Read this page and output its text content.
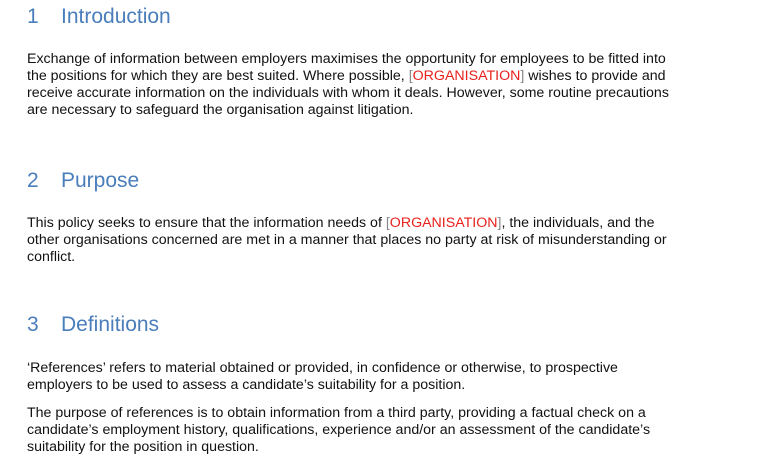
1 Introduction

Exchange of information between employers maximises the opportunity for employees to be fitted into
the positions for which they are best suited. Where possible, [ORGANISATION] wishes to provide and
receive accurate information on the individuals with whom it deals. However, some routine precautions
are necessary to safeguard the organisation against litigation.

2 Purpose

This policy seeks to ensure that the information needs of [ORGANISATION], the individuals, and the
other organisations concerned are met in a manner that places no party at risk of misunderstanding or
conflict.

3 Definitions

‘References’ refers to material obtained or provided, in confidence or otherwise, to prospective
employers to be used to assess a candidate’s suitability for a position.

The purpose of references is to obtain information from a third party, providing a factual check on a
candidate’s employment history, qualifications, experience and/or an assessment of the candidate’s
suitability for the position in question.
